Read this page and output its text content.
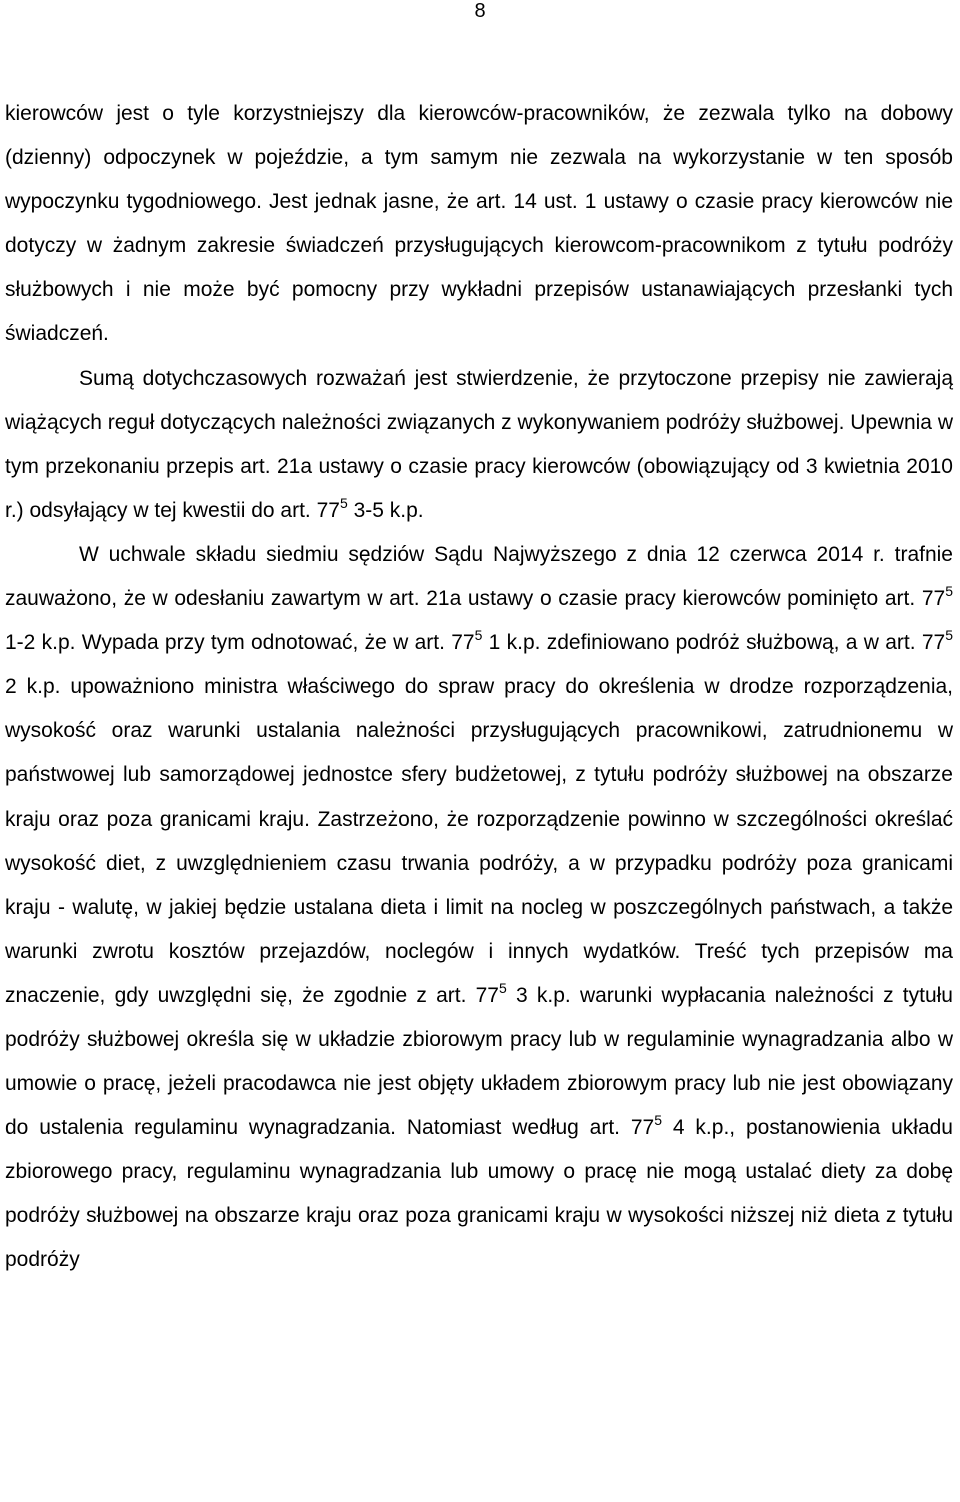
8

kierowców jest o tyle korzystniejszy dla kierowców-pracowników, że zezwala tylko na dobowy (dzienny) odpoczynek w pojeździe, a tym samym nie zezwala na wykorzystanie w ten sposób wypoczynku tygodniowego. Jest jednak jasne, że art. 14 ust. 1 ustawy o czasie pracy kierowców nie dotyczy w żadnym zakresie świadczeń przysługujących kierowcom-pracownikom z tytułu podróży służbowych i nie może być pomocny przy wykładni przepisów ustanawiających przesłanki tych świadczeń.

Sumą dotychczasowych rozważań jest stwierdzenie, że przytoczone przepisy nie zawierają wiążących reguł dotyczących należności związanych z wykonywaniem podróży służbowej. Upewnia w tym przekonaniu przepis art. 21a ustawy o czasie pracy kierowców (obowiązujący od 3 kwietnia 2010 r.) odsyłający w tej kwestii do art. $77^5$ 3-5 k.p.

W uchwale składu siedmiu sędziów Sądu Najwyższego z dnia 12 czerwca 2014 r. trafnie zauważono, że w odesłaniu zawartym w art. 21a ustawy o czasie pracy kierowców pominięto art. $77^5$ 1-2 k.p. Wypada przy tym odnotować, że w art. $77^5$ 1 k.p. zdefiniowano podróż służbową, a w art. $77^5$ 2 k.p. upoważniono ministra właściwego do spraw pracy do określenia w drodze rozporządzenia, wysokość oraz warunki ustalania należności przysługujących pracownikowi, zatrudnionemu w państwowej lub samorządowej jednostce sfery budżetowej, z tytułu podróży służbowej na obszarze kraju oraz poza granicami kraju. Zastrzeżono, że rozporządzenie powinno w szczególności określać wysokość diet, z uwzględnieniem czasu trwania podróży, a w przypadku podróży poza granicami kraju - walutę, w jakiej będzie ustalana dieta i limit na nocleg w poszczególnych państwach, a także warunki zwrotu kosztów przejazdów, noclegów i innych wydatków. Treść tych przepisów ma znaczenie, gdy uwzględni się, że zgodnie z art. $77^5$ 3 k.p. warunki wypłacania należności z tytułu podróży służbowej określa się w układzie zbiorowym pracy lub w regulaminie wynagradzania albo w umowie o pracę, jeżeli pracodawca nie jest objęty układem zbiorowym pracy lub nie jest obowiązany do ustalenia regulaminu wynagradzania. Natomiast według art. $77^5$ 4 k.p., postanowienia układu zbiorowego pracy, regulaminu wynagradzania lub umowy o pracę nie mogą ustalać diety za dobę podróży służbowej na obszarze kraju oraz poza granicami kraju w wysokości niższej niż dieta z tytułu podróży
